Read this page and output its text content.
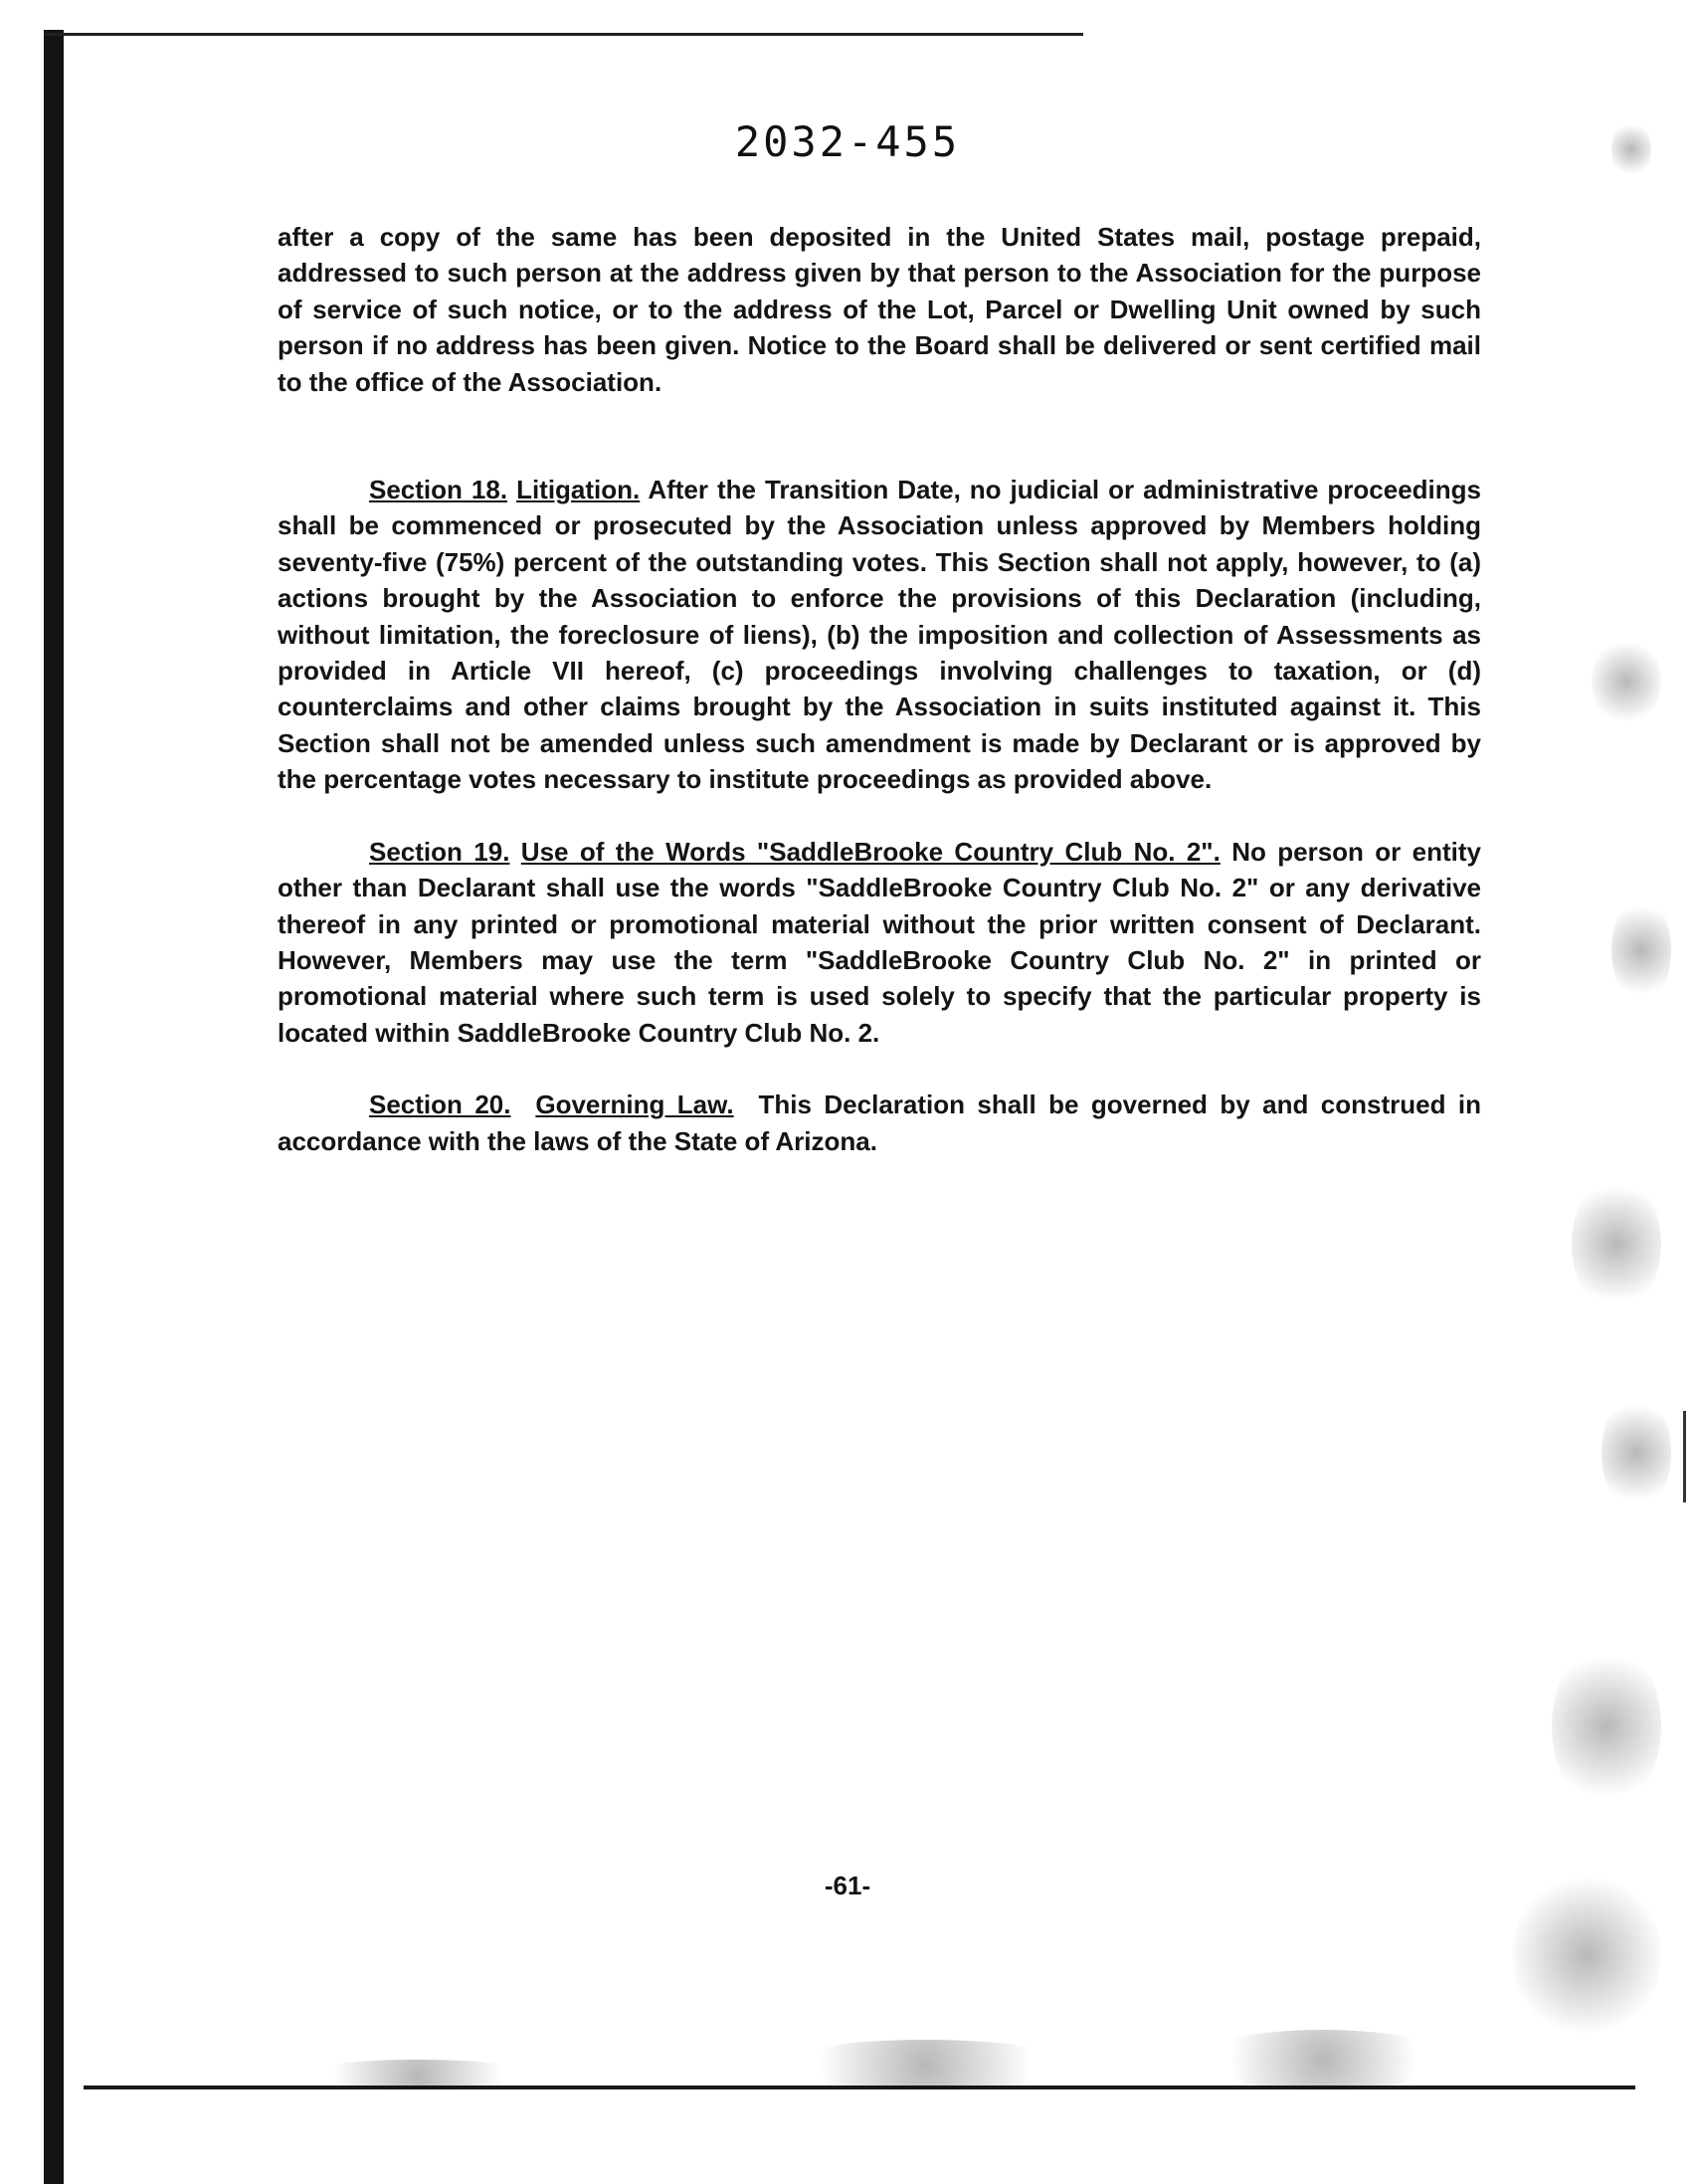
2032-455

after a copy of the same has been deposited in the United States mail, postage prepaid, addressed to such person at the address given by that person to the Association for the purpose of service of such notice, or to the address of the Lot, Parcel or Dwelling Unit owned by such person if no address has been given. Notice to the Board shall be delivered or sent certified mail to the office of the Association.

Section 18. Litigation. After the Transition Date, no judicial or administrative proceedings shall be commenced or prosecuted by the Association unless approved by Members holding seventy-five (75%) percent of the outstanding votes. This Section shall not apply, however, to (a) actions brought by the Association to enforce the provisions of this Declaration (including, without limitation, the foreclosure of liens), (b) the imposition and collection of Assessments as provided in Article VII hereof, (c) proceedings involving challenges to taxation, or (d) counterclaims and other claims brought by the Association in suits instituted against it. This Section shall not be amended unless such amendment is made by Declarant or is approved by the percentage votes necessary to institute proceedings as provided above.

Section 19. Use of the Words "SaddleBrooke Country Club No. 2". No person or entity other than Declarant shall use the words "SaddleBrooke Country Club No. 2" or any derivative thereof in any printed or promotional material without the prior written consent of Declarant. However, Members may use the term "SaddleBrooke Country Club No. 2" in printed or promotional material where such term is used solely to specify that the particular property is located within SaddleBrooke Country Club No. 2.

Section 20. Governing Law. This Declaration shall be governed by and construed in accordance with the laws of the State of Arizona.

-61-
